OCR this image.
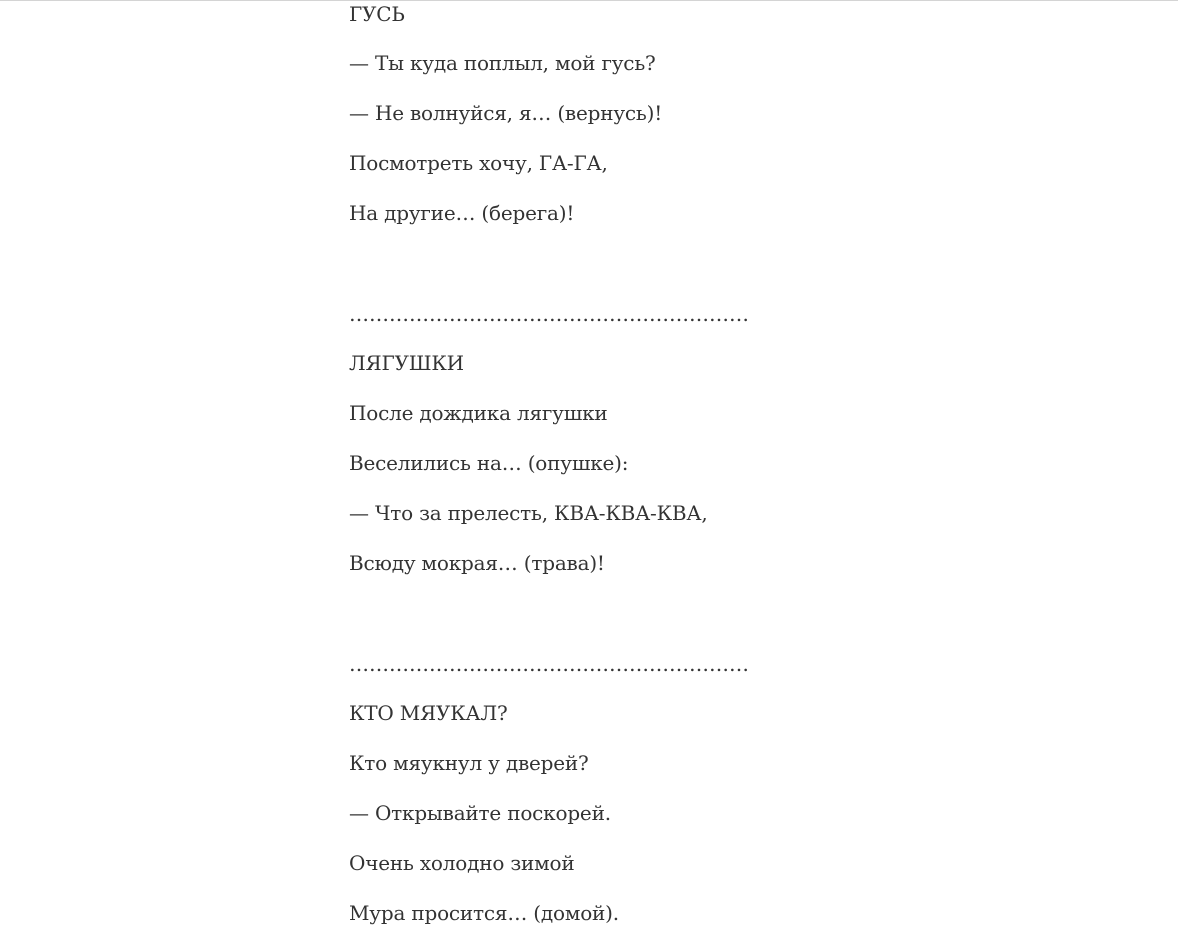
ГУСЬ
— Ты куда поплыл, мой гусь?
— Не волнуйся, я… (вернусь)!
Посмотреть хочу, ГА-ГА,
На другие… (берега)!
……………………………………………………
ЛЯГУШКИ
После дождика лягушки
Веселились на… (опушке):
— Что за прелесть, КВА-КВА-КВА,
Всюду мокрая… (трава)!
……………………………………………………
КТО МЯУКАЛ?
Кто мяукнул у дверей?
— Открывайте поскорей.
Очень холодно зимой
Мура просится… (домой).
